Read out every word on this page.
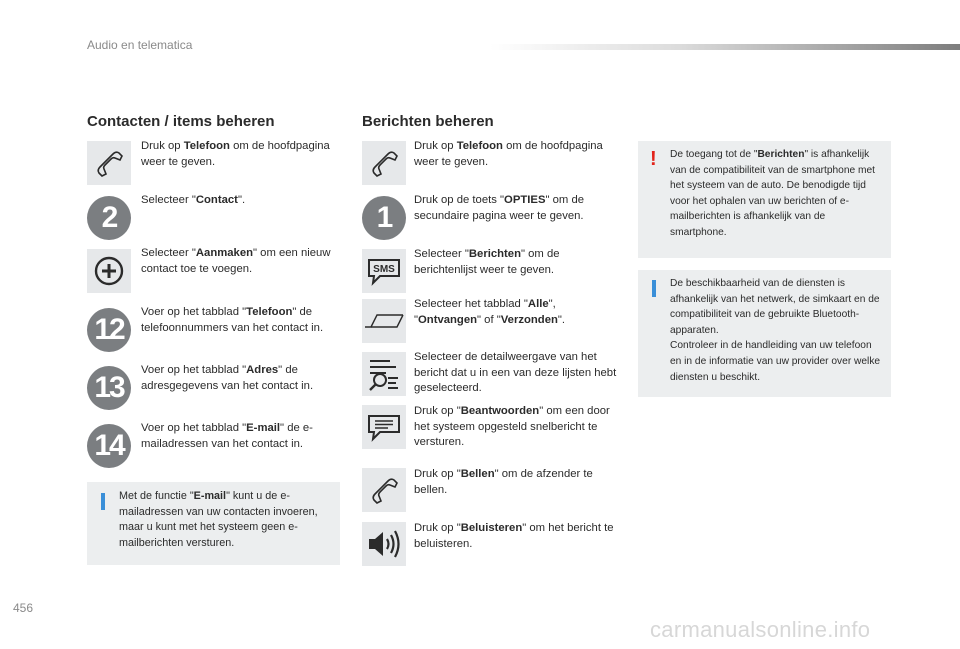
Audio en telematica
Contacten / items beheren
Druk op Telefoon om de hoofdpagina weer te geven.
2
Selecteer "Contact".
Selecteer "Aanmaken" om een nieuw contact toe te voegen.
12
Voer op het tabblad "Telefoon" de telefoonnummers van het contact in.
13
Voer op het tabblad "Adres" de adresgegevens van het contact in.
14
Voer op het tabblad "E-mail" de e-mailadressen van het contact in.
Met de functie "E-mail" kunt u de e-mailadressen van uw contacten invoeren, maar u kunt met het systeem geen e-mailberichten versturen.
Berichten beheren
Druk op Telefoon om de hoofdpagina weer te geven.
1
Druk op de toets "OPTIES" om de secundaire pagina weer te geven.
SMS
Selecteer "Berichten" om de berichtenlijst weer te geven.
Selecteer het tabblad "Alle", "Ontvangen" of "Verzonden".
Selecteer de detailweergave van het bericht dat u in een van deze lijsten hebt geselecteerd.
Druk op "Beantwoorden" om een door het systeem opgesteld snelbericht te versturen.
Druk op "Bellen" om de afzender te bellen.
Druk op "Beluisteren" om het bericht te beluisteren.
! De toegang tot de "Berichten" is afhankelijk van de compatibiliteit van de smartphone met het systeem van de auto. De benodigde tijd voor het ophalen van uw berichten of e-mailberichten is afhankelijk van de smartphone.
De beschikbaarheid van de diensten is afhankelijk van het netwerk, de simkaart en de compatibiliteit van de gebruikte Bluetooth-apparaten.
Controleer in de handleiding van uw telefoon en in de informatie van uw provider over welke diensten u beschikt.
456
carmanualsonline.info
